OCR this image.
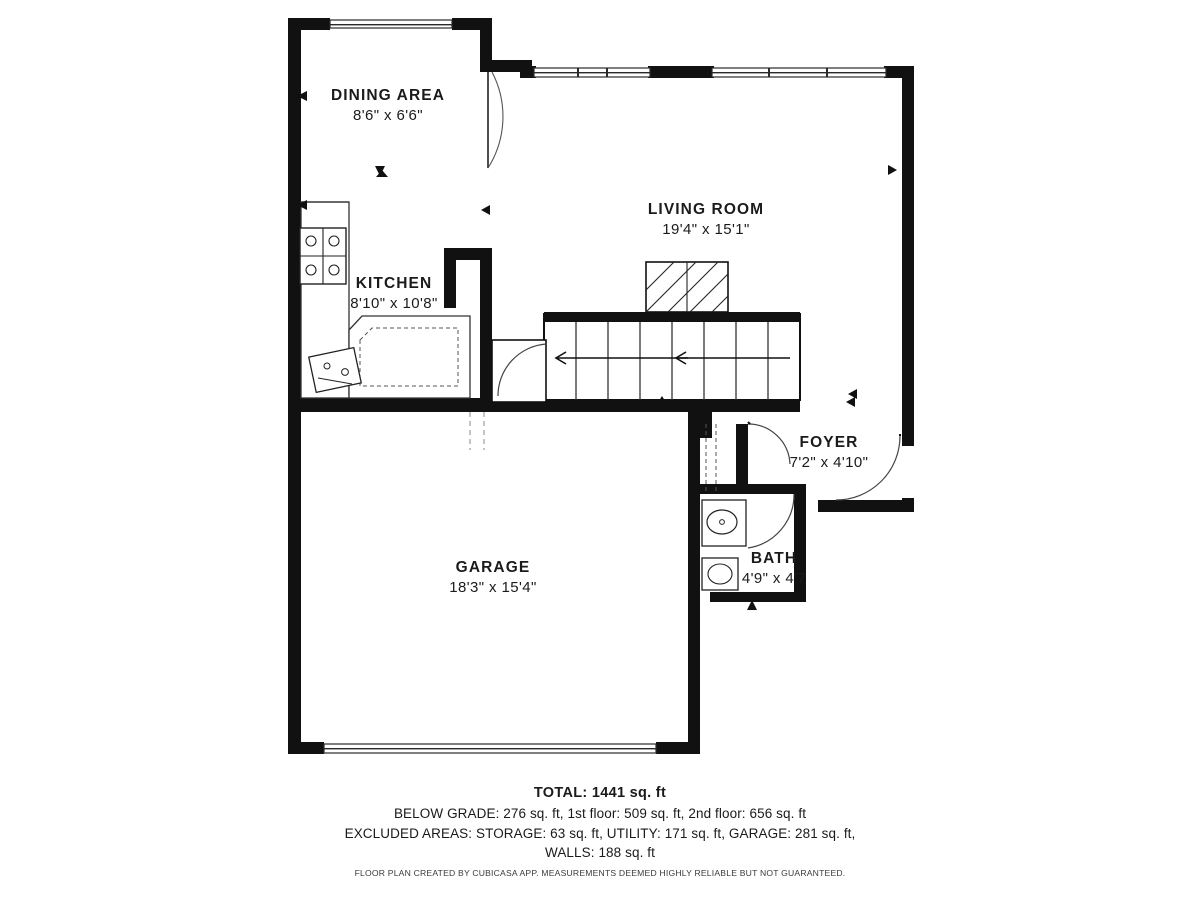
DINING AREA
8'6" x 6'6"
LIVING ROOM
19'4" x 15'1"
KITCHEN
8'10" x 10'8"
FOYER
7'2" x 4'10"
BATH
4'9" x 4'7
GARAGE
18'3" x 15'4"
TOTAL: 1441 sq. ft
BELOW GRADE: 276 sq. ft, 1st floor: 509 sq. ft, 2nd floor: 656 sq. ft
EXCLUDED AREAS: STORAGE: 63 sq. ft, UTILITY: 171 sq. ft, GARAGE: 281 sq. ft,
WALLS: 188 sq. ft
FLOOR PLAN CREATED BY CUBICASA APP. MEASUREMENTS DEEMED HIGHLY RELIABLE BUT NOT GUARANTEED.
